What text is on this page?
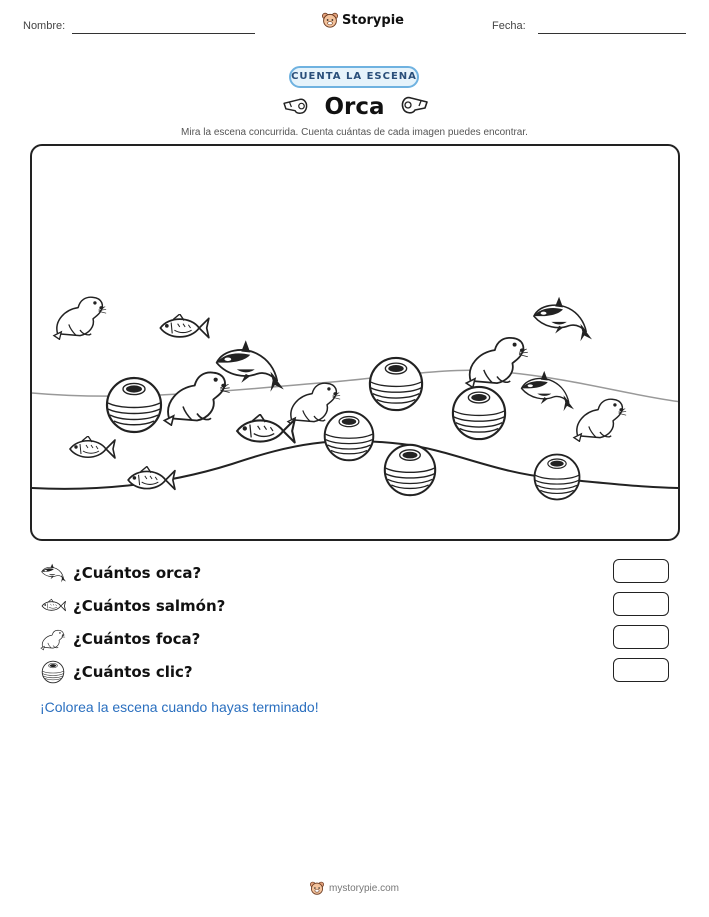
Nombre:	Storypie	Fecha:
CUENTA LA ESCENA
Orca
Mira la escena concurrida. Cuenta cuántas de cada imagen puedes encontrar.
¿Cuántos orca?
¿Cuántos salmón?
¿Cuántos foca?
¿Cuántos clic?
¡Colorea la escena cuando hayas terminado!
mystorypie.com
